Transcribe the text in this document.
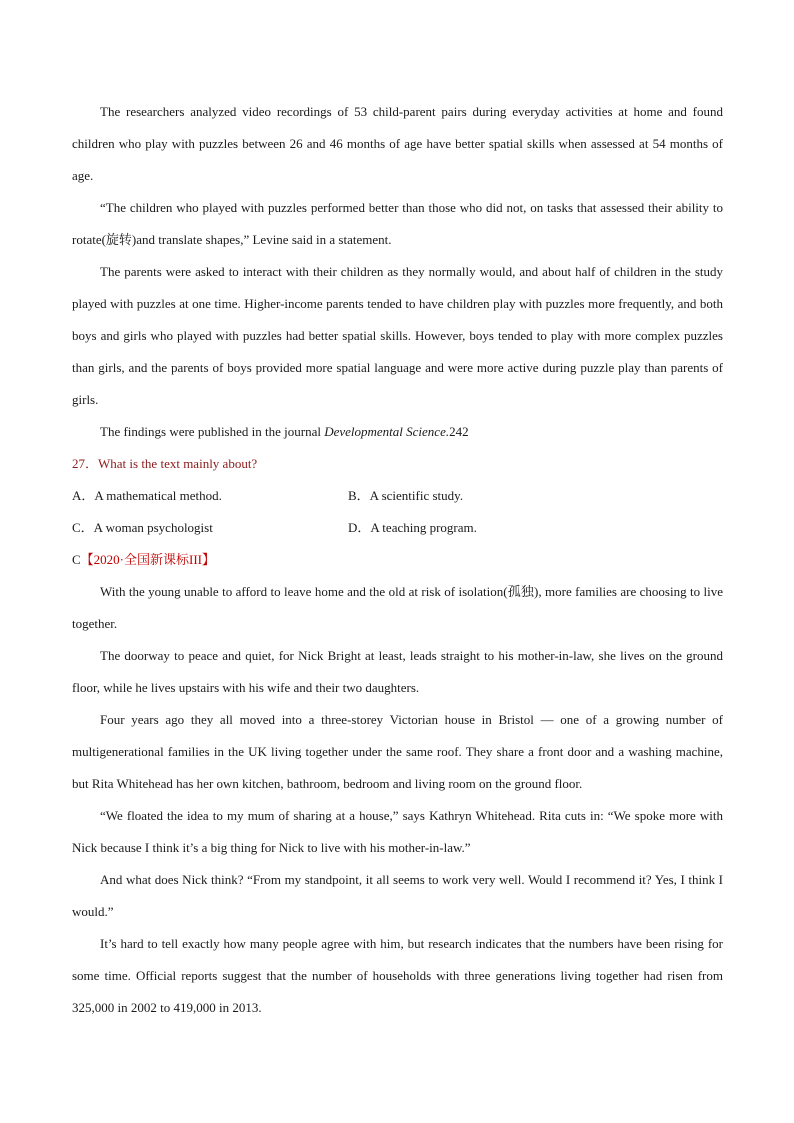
The researchers analyzed video recordings of 53 child-parent pairs during everyday activities at home and found children who play with puzzles between 26 and 46 months of age have better spatial skills when assessed at 54 months of age.

“The children who played with puzzles performed better than those who did not, on tasks that assessed their ability to rotate(旋转)and translate shapes,” Levine said in a statement.

The parents were asked to interact with their children as they normally would, and about half of children in the study played with puzzles at one time. Higher-income parents tended to have children play with puzzles more frequently, and both boys and girls who played with puzzles had better spatial skills. However, boys tended to play with more complex puzzles than girls, and the parents of boys provided more spatial language and were more active during puzzle play than parents of girls.

The findings were published in the journal Developmental Science.242

27．What is the text mainly about?

A．A mathematical method.	B．A scientific study.
C．A woman psychologist	D．A teaching program.

C【2020·全国新课标III】

With the young unable to afford to leave home and the old at risk of isolation(孤独), more families are choosing to live together.

The doorway to peace and quiet, for Nick Bright at least, leads straight to his mother-in-law, she lives on the ground floor, while he lives upstairs with his wife and their two daughters.

Four years ago they all moved into a three-storey Victorian house in Bristol — one of a growing number of multigenerational families in the UK living together under the same roof. They share a front door and a washing machine, but Rita Whitehead has her own kitchen, bathroom, bedroom and living room on the ground floor.

“We floated the idea to my mum of sharing at a house,” says Kathryn Whitehead. Rita cuts in: “We spoke more with Nick because I think it’s a big thing for Nick to live with his mother-in-law.”

And what does Nick think? “From my standpoint, it all seems to work very well. Would I recommend it? Yes, I think I would.”

It’s hard to tell exactly how many people agree with him, but research indicates that the numbers have been rising for some time. Official reports suggest that the number of households with three generations living together had risen from 325,000 in 2002 to 419,000 in 2013.
